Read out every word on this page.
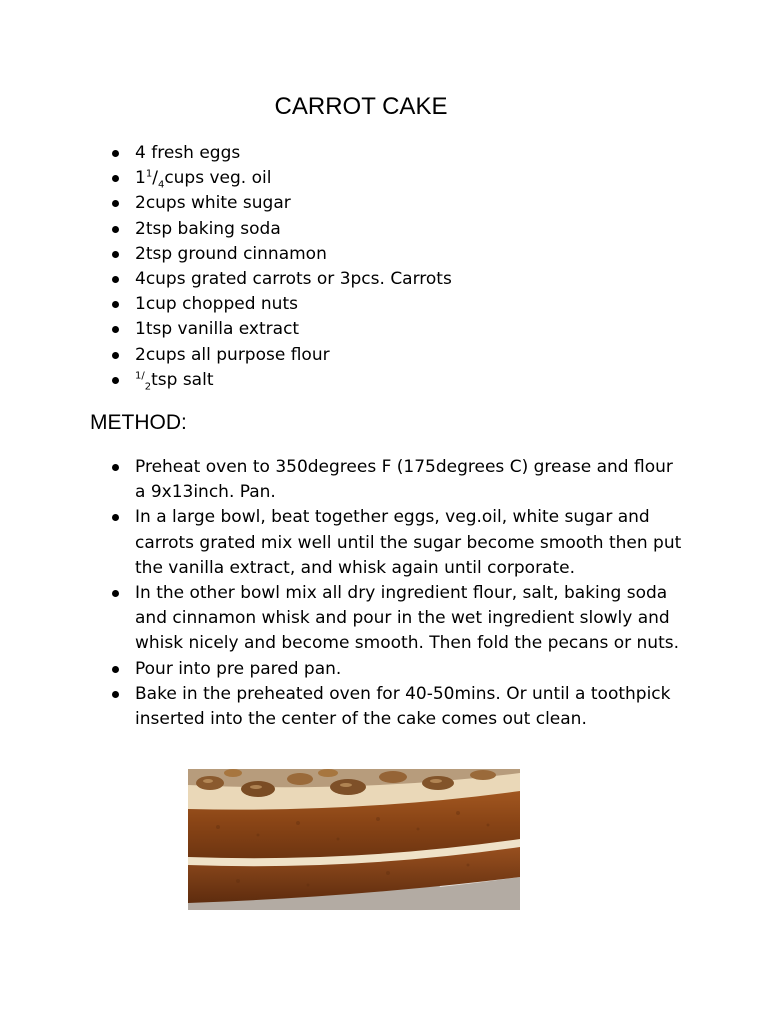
CARROT CAKE
4 fresh eggs
$1^1/_4cups$ veg. oil
2cups white sugar
2tsp baking soda
2tsp ground cinnamon
4cups grated carrots or 3pcs. Carrots
1cup chopped nuts
1tsp vanilla extract
2cups all purpose flour
$^{1/}_2$tsp salt
METHOD:
Preheat oven to 350degrees F (175degrees C) grease and flour a 9x13inch. Pan.
In a large bowl, beat together eggs, veg.oil, white sugar and carrots grated mix well until the sugar become smooth then put the vanilla extract, and whisk again until corporate.
In the other bowl mix all dry ingredient flour, salt, baking soda and cinnamon whisk and pour in the wet ingredient slowly and whisk nicely and become smooth. Then fold the pecans or nuts.
Pour into pre pared pan.
Bake in the preheated oven for 40-50mins. Or until a toothpick inserted into the center of the cake comes out clean.
